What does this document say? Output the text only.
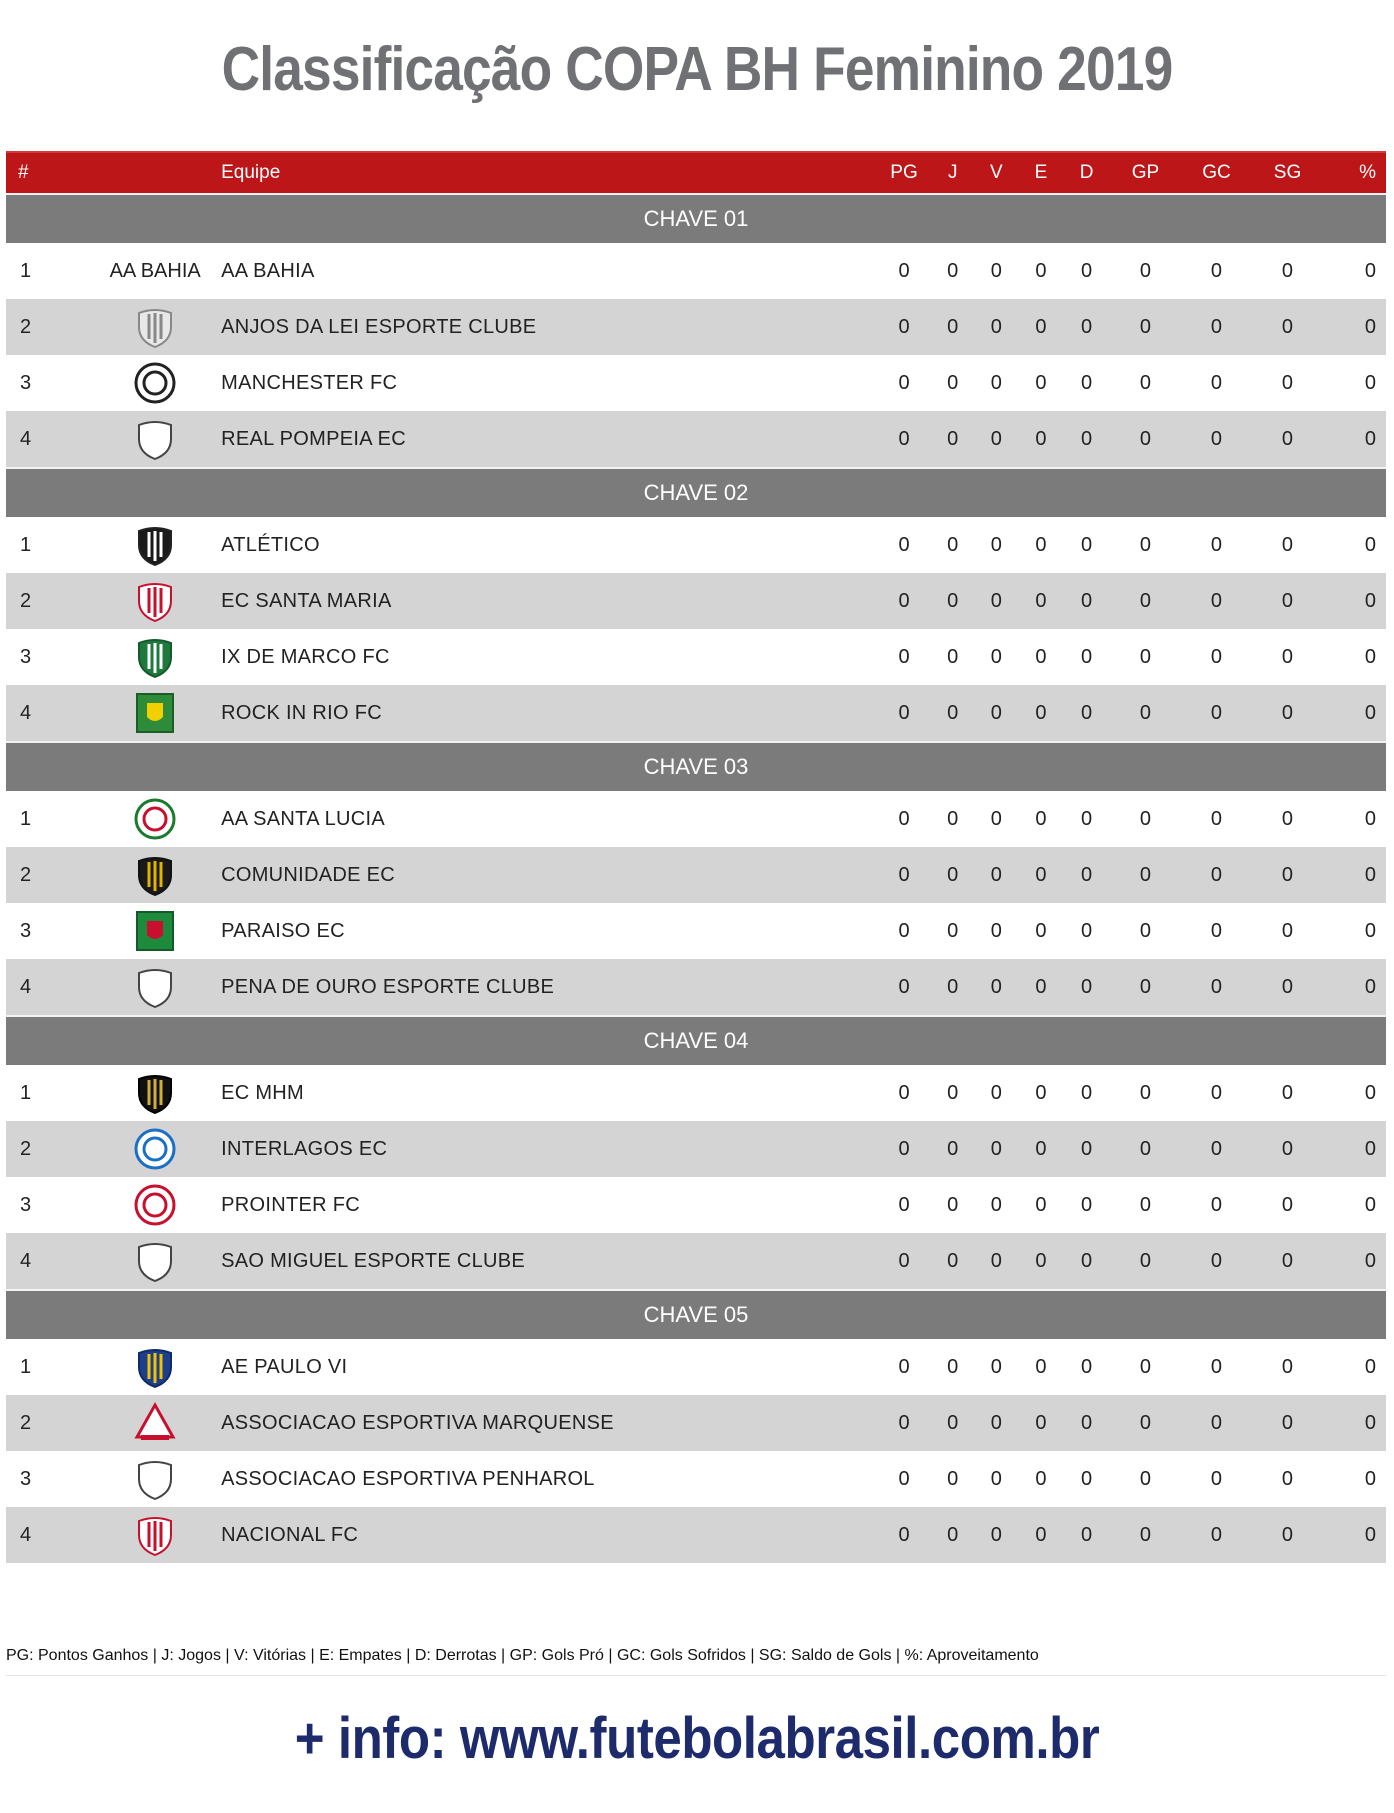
Classificação COPA BH Feminino 2019
#		Equipe	PG	J	V	E	D	GP	GC	SG	%
CHAVE 01											
1	AA BAHIA	AA BAHIA	0	0	0	0	0	0	0	0	0
2		ANJOS DA LEI ESPORTE CLUBE	0	0	0	0	0	0	0	0	0
3		MANCHESTER FC	0	0	0	0	0	0	0	0	0
4		REAL POMPEIA EC	0	0	0	0	0	0	0	0	0
CHAVE 02											
1		ATLÉTICO	0	0	0	0	0	0	0	0	0
2		EC SANTA MARIA	0	0	0	0	0	0	0	0	0
3		IX DE MARCO FC	0	0	0	0	0	0	0	0	0
4		ROCK IN RIO FC	0	0	0	0	0	0	0	0	0
CHAVE 03											
1		AA SANTA LUCIA	0	0	0	0	0	0	0	0	0
2		COMUNIDADE EC	0	0	0	0	0	0	0	0	0
3		PARAISO EC	0	0	0	0	0	0	0	0	0
4		PENA DE OURO ESPORTE CLUBE	0	0	0	0	0	0	0	0	0
CHAVE 04											
1		EC MHM	0	0	0	0	0	0	0	0	0
2		INTERLAGOS EC	0	0	0	0	0	0	0	0	0
3		PROINTER FC	0	0	0	0	0	0	0	0	0
4		SAO MIGUEL ESPORTE CLUBE	0	0	0	0	0	0	0	0	0
CHAVE 05											
1		AE PAULO VI	0	0	0	0	0	0	0	0	0
2		ASSOCIACAO ESPORTIVA MARQUENSE	0	0	0	0	0	0	0	0	0
3		ASSOCIACAO ESPORTIVA PENHAROL	0	0	0	0	0	0	0	0	0
4		NACIONAL FC	0	0	0	0	0	0	0	0	0
PG: Pontos Ganhos | J: Jogos | V: Vitórias | E: Empates | D: Derrotas | GP: Gols Pró | GC: Gols Sofridos | SG: Saldo de Gols | %: Aproveitamento
+ info: www.futebolabrasil.com.br
